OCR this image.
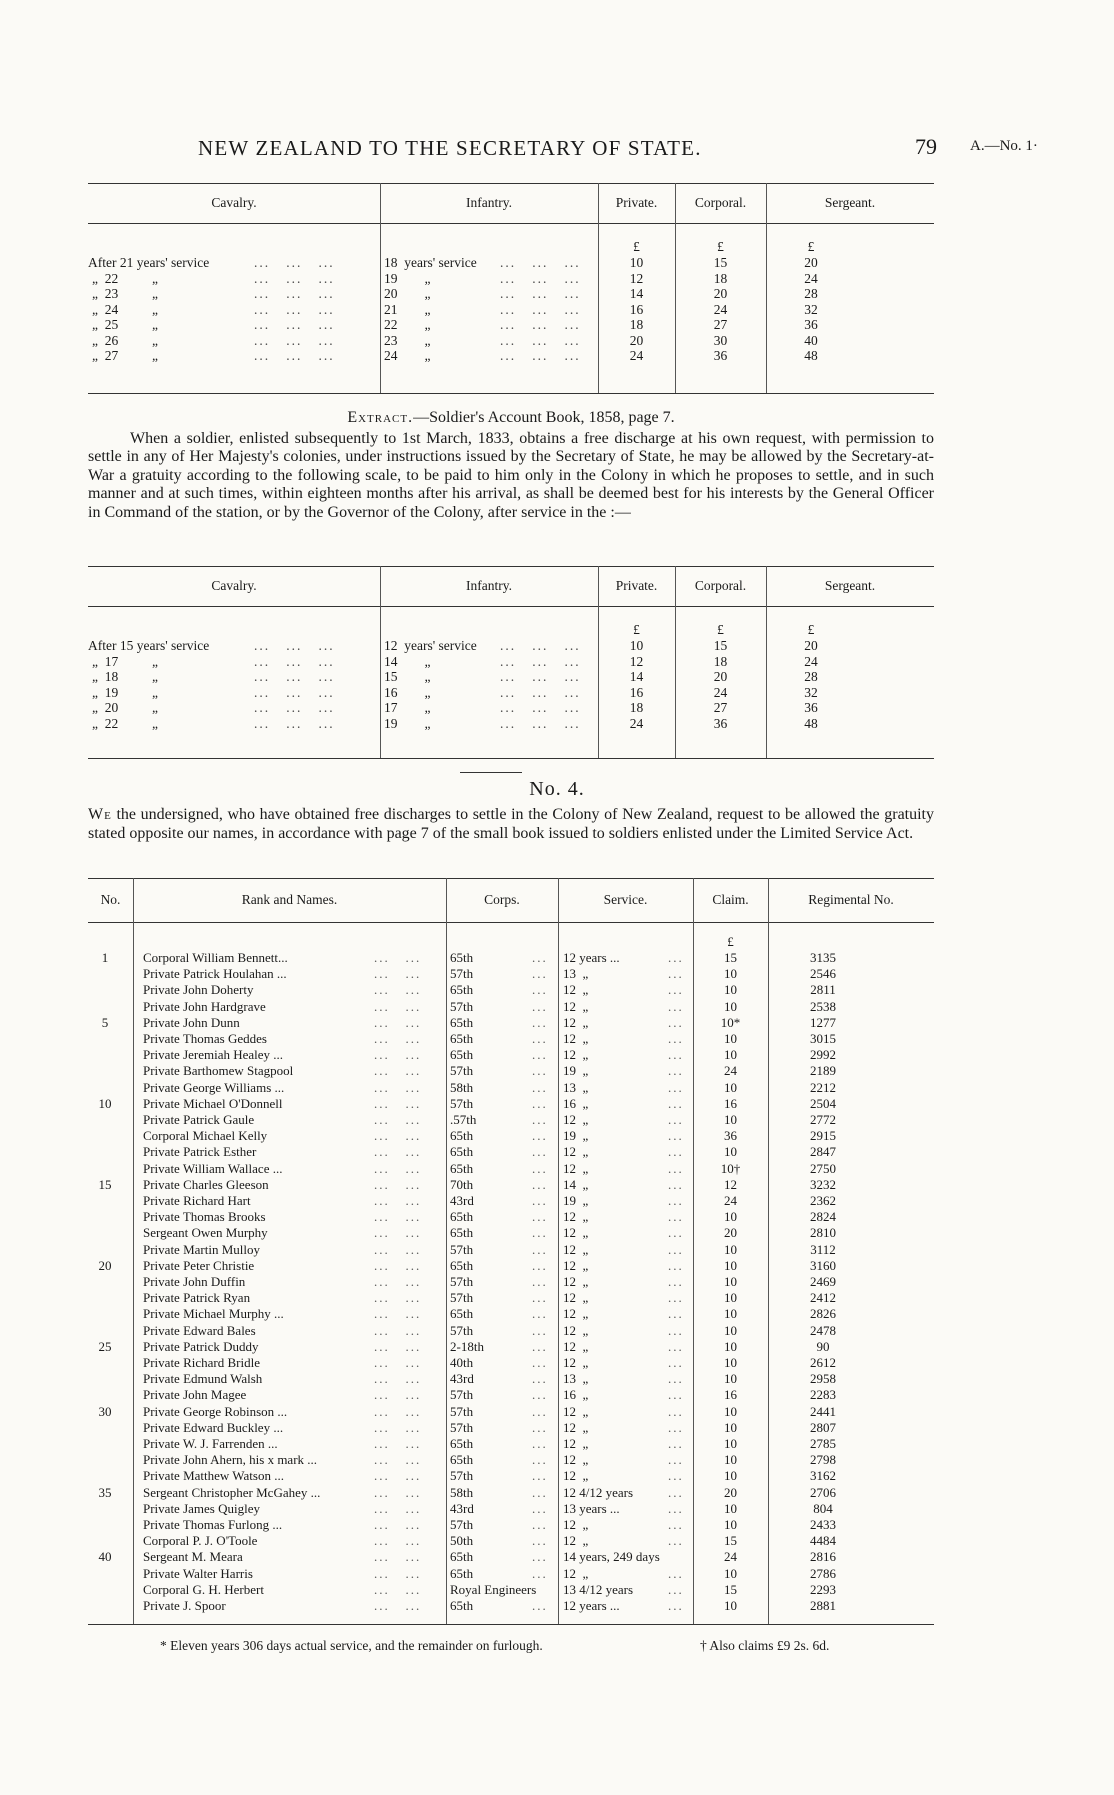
NEW ZEALAND TO THE SECRETARY OF STATE.	79 A.—No. 1·
Cavalry.	Infantry.	Private.	Corporal.	Sergeant.
£	£	£
After 21 years' service	...   ...   ...	18  years' service ...   ...   ...	10	15	20
„  22          „	...   ...   ...	19        „	...   ...   ...	12	18	24
„  23          „	...   ...   ...	20        „	...   ...   ...	14	20	28
„  24          „	...   ...   ...	21        „	...   ...   ...	16	24	32
„  25          „	...   ...   ...	22        „	...   ...   ...	18	27	36
„  26          „	...   ...   ...	23        „	...   ...   ...	20	30	40
„  27          „	...   ...   ...	24        „	...   ...   ...	24	36	48
Extract.—Soldier's Account Book, 1858, page 7.

When a soldier, enlisted subsequently to 1st March, 1833, obtains a free discharge at his own request, with permission to settle in any of Her Majesty's colonies, under instructions issued by the Secretary of State, he may be allowed by the Secretary-at-War a gratuity according to the following scale, to be paid to him only in the Colony in which he proposes to settle, and in such manner and at such times, within eighteen months after his arrival, as shall be deemed best for his interests by the General Officer in Command of the station, or by the Governor of the Colony, after service in the :—

Cavalry.	Infantry.	Private.	Corporal.	Sergeant.
£	£	£
After 15 years' service	...   ...   ...	12  years' service ...   ...   ...	10	15	20
„  17          „	...   ...   ...	14        „	...   ...   ...	12	18	24
„  18          „	...   ...   ...	15        „	...   ...   ...	14	20	28
„  19          „	...   ...   ...	16        „	...   ...   ...	16	24	32
„  20          „	...   ...   ...	17        „	...   ...   ...	18	27	36
„  22          „	...   ...   ...	19        „	...   ...   ...	24	36	48
No. 4.

We the undersigned, who have obtained free discharges to settle in the Colony of New Zealand, request to be allowed the gratuity stated opposite our names, in accordance with page 7 of the small book issued to soldiers enlisted under the Limited Service Act.

No.	Rank and Names.	Corps.	Service.	Claim.	Regimental No.
£
1	Corporal William Bennett...	...   ... 65th	... 12 years ...	...	15	3135
Private Patrick Houlahan ...	...   ... 57th	... 13  „	...	10	2546
Private John Doherty	...   ... 65th	... 12  „	...	10	2811
Private John Hardgrave	...   ... 57th	... 12  „	...	10	2538
5	Private John Dunn	...   ... 65th	... 12  „	...	10*	1277
Private Thomas Geddes	...   ... 65th	... 12  „	...	10	3015
Private Jeremiah Healey ...	...   ... 65th	... 12  „	...	10	2992
Private Barthomew Stagpool	...   ... 57th	... 19  „	...	24	2189
Private George Williams ...	...   ... 58th	... 13  „	...	10	2212
10	Private Michael O'Donnell	...   ... 57th	... 16  „	...	16	2504
Private Patrick Gaule	...   ... .57th	... 12  „	...	10	2772
Corporal Michael Kelly	...   ... 65th	... 19  „	...	36	2915
Private Patrick Esther	...   ... 65th	... 12  „	...	10	2847
Private William Wallace ...	...   ... 65th	... 12  „	...	10†	2750
15	Private Charles Gleeson	...   ... 70th	... 14  „	...	12	3232
Private Richard Hart	...   ... 43rd	... 19  „	...	24	2362
Private Thomas Brooks	...   ... 65th	... 12  „	...	10	2824
Sergeant Owen Murphy	...   ... 65th	... 12  „	...	20	2810
Private Martin Mulloy	...   ... 57th	... 12  „	...	10	3112
20	Private Peter Christie	...   ... 65th	... 12  „	...	10	3160
Private John Duffin	...   ... 57th	... 12  „	...	10	2469
Private Patrick Ryan	...   ... 57th	... 12  „	...	10	2412
Private Michael Murphy ...	...   ... 65th	... 12  „	...	10	2826
Private Edward Bales	...   ... 57th	... 12  „	...	10	2478
25	Private Patrick Duddy	...   ... 2-18th	... 12  „	...	10	90
Private Richard Bridle	...   ... 40th	... 12  „	...	10	2612
Private Edmund Walsh	...   ... 43rd	... 13  „	...	10	2958
Private John Magee	...   ... 57th	... 16  „	...	16	2283
30	Private George Robinson ...	...   ... 57th	... 12  „	...	10	2441
Private Edward Buckley ...	...   ... 57th	... 12  „	...	10	2807
Private W. J. Farrenden ...	...   ... 65th	... 12  „	...	10	2785
Private John Ahern, his x mark ...	...   ... 65th	... 12  „	...	10	2798
Private Matthew Watson ...	...   ... 57th	... 12  „	...	10	3162
35	Sergeant Christopher McGahey ...	...   ... 58th	... 12 4/12 years	...	20	2706
Private James Quigley	...   ... 43rd	... 13 years ...	...	10	804
Private Thomas Furlong ...	...   ... 57th	... 12  „	...	10	2433
Corporal P. J. O'Toole	...   ... 50th	... 12  „	...	15	4484
40	Sergeant M. Meara	...   ... 65th	... 14 years, 249 days	24	2816
Private Walter Harris	...   ... 65th	... 12  „	...	10	2786
Corporal G. H. Herbert	...   ... Royal Engineers 13 4/12 years	...	15	2293
Private J. Spoor	...   ... 65th	... 12 years ...	...	10	2881
* Eleven years 306 days actual service, and the remainder on furlough.	† Also claims £9 2s. 6d.
